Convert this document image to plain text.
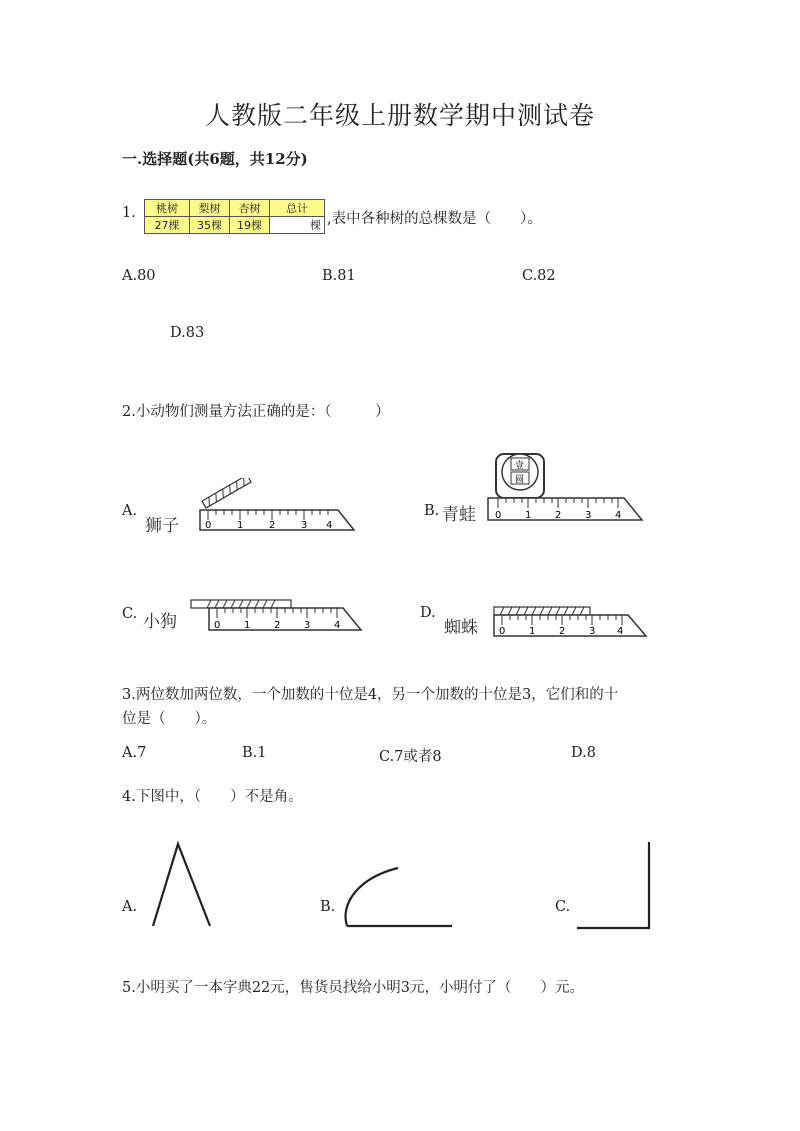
人教版二年级上册数学期中测试卷
一.选择题(共6题，共12分)
1. 桃树	梨树	杏树	总计
27棵	35棵	19棵	棵 ,表中各种树的总棵数是（　　）。
A.80	B.81	C.82
D.83
2.小动物们测量方法正确的是：（　　　）
A.
狮子	0	1	2	3 4
B. 青蛙
壹
圆
0 1 2 3 4
C. 小狗	0 1 2 3 4
D.
蜘蛛 0 1 2 3 4
3.两位数加两位数，一个加数的十位是4，另一个加数的十位是3，它们和的十
位是（　　）。
A.7	B.1	C.7或者8	D.8
4.下图中，（　　）不是角。
A.	B.	C.
5.小明买了一本字典22元，售货员找给小明3元，小明付了（　　）元。
